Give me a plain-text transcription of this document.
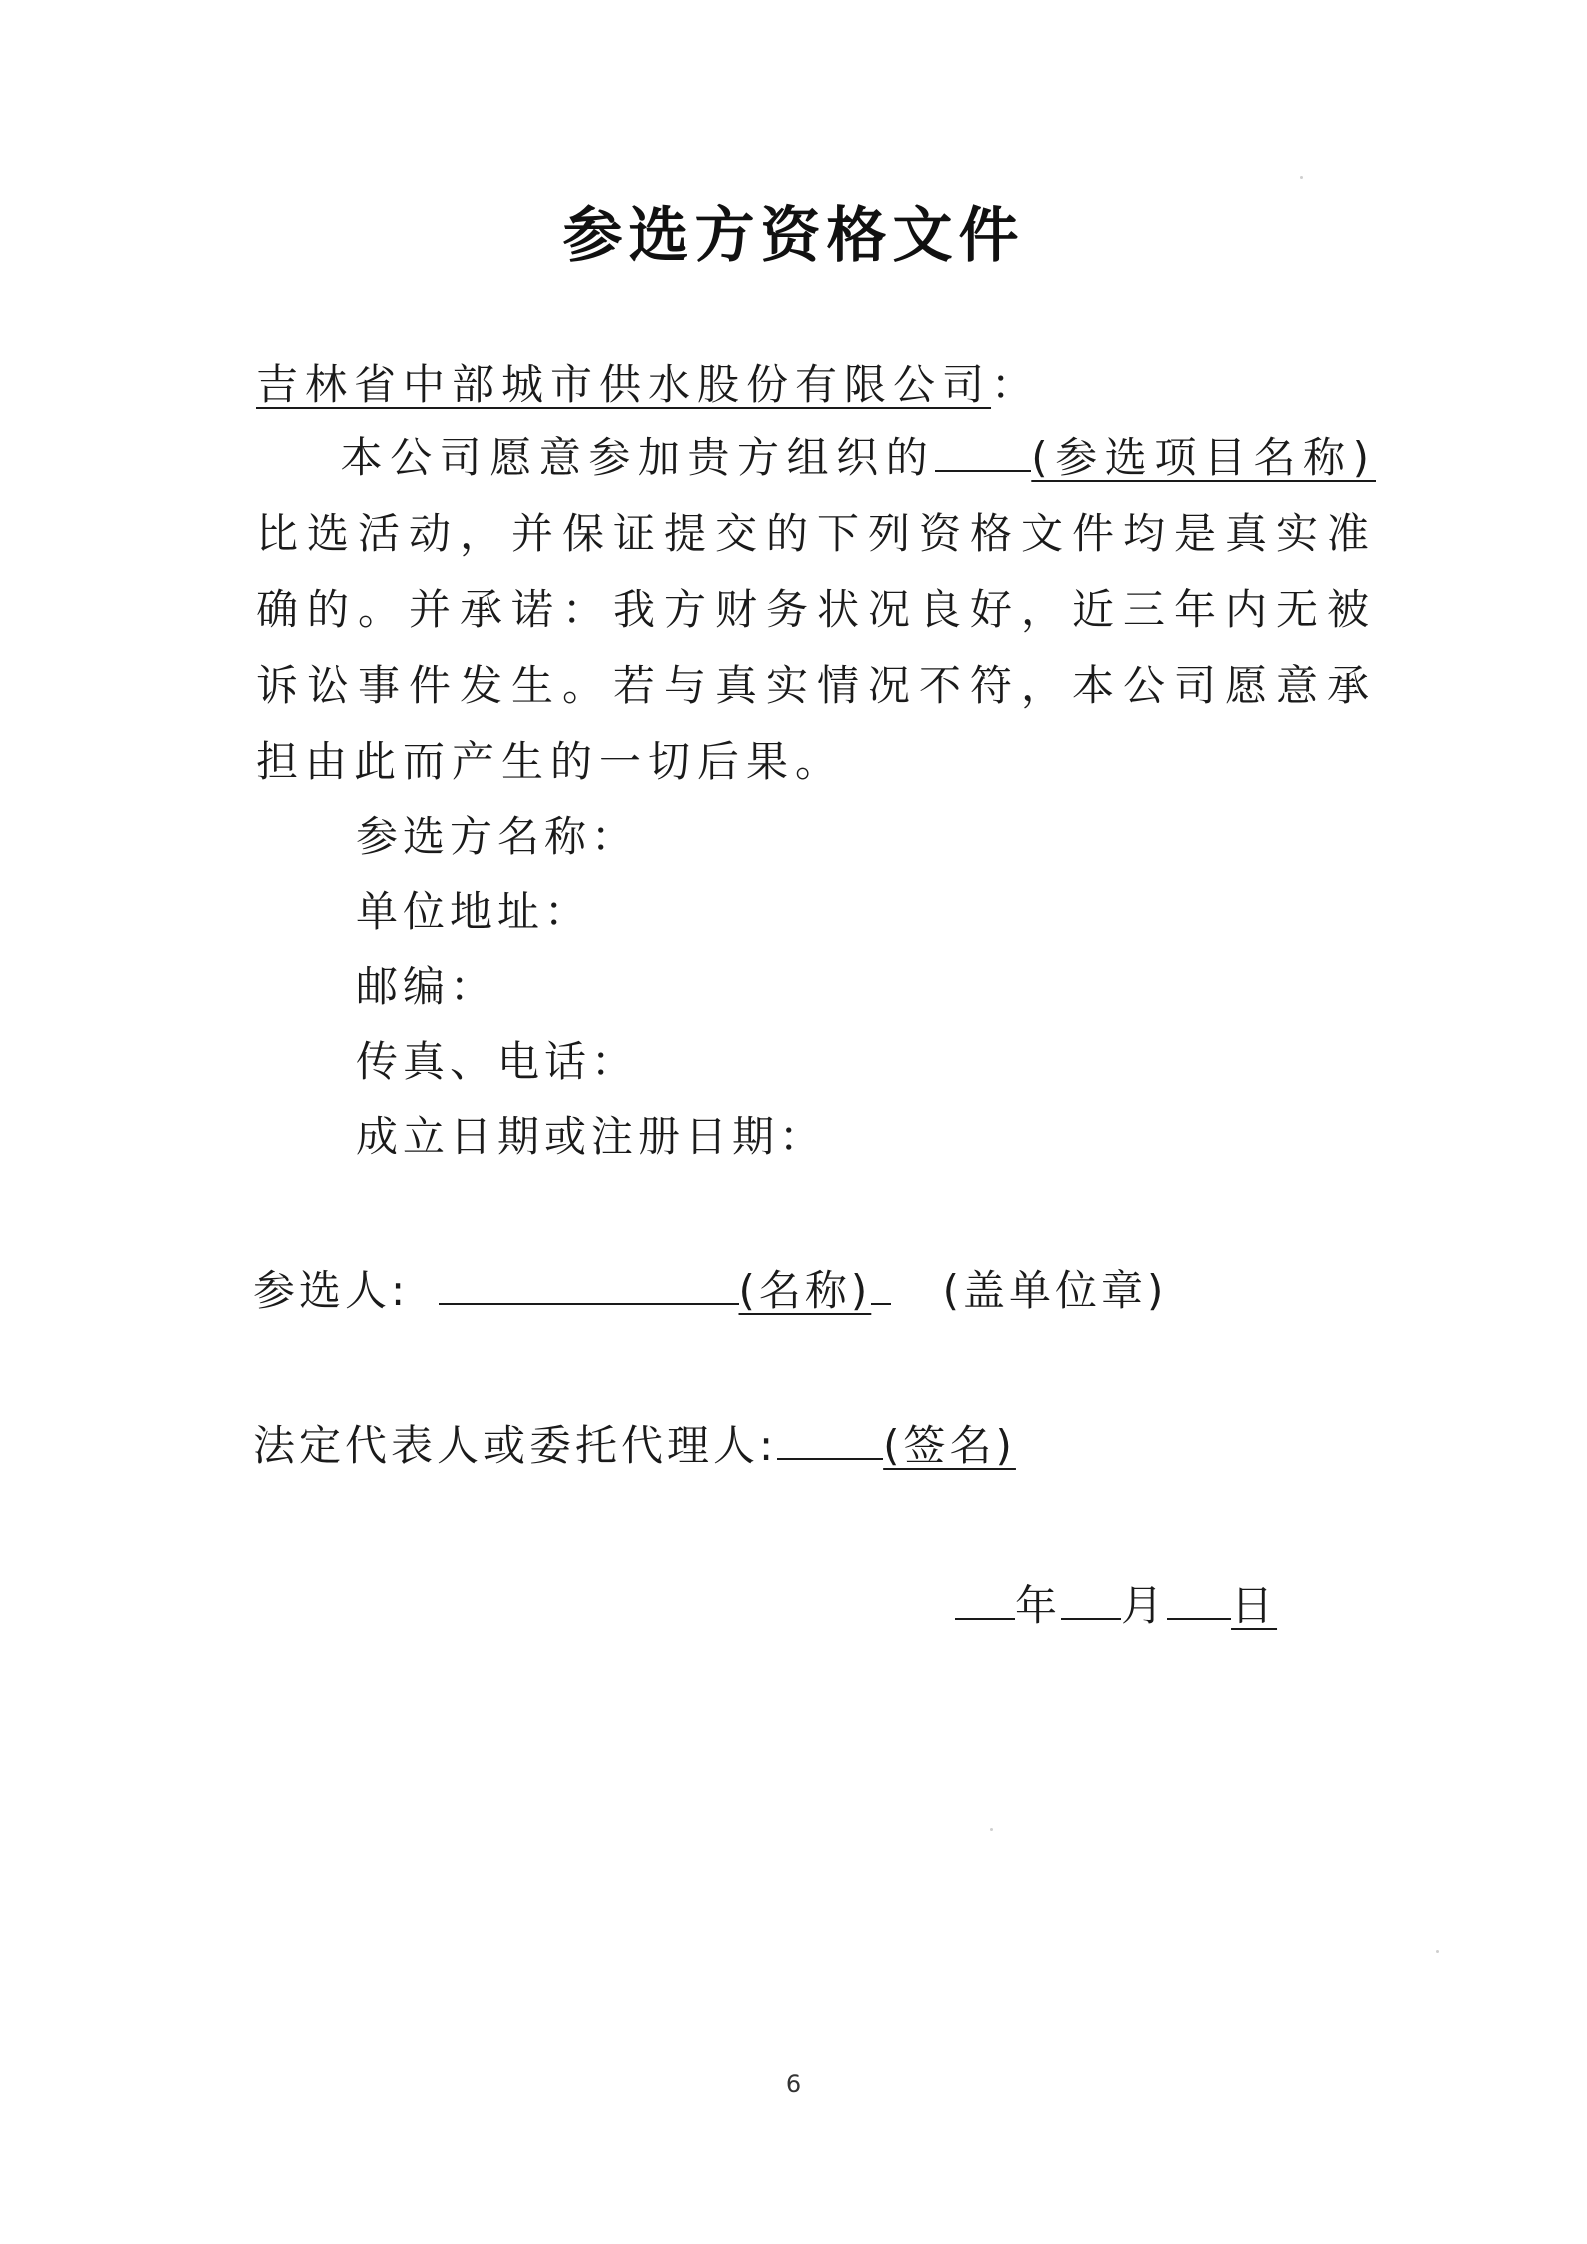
参选方资格文件
吉林省中部城市供水股份有限公司：
本公司愿意参加贵方组织的 (参选项目名称)比选活动，并保证提交的下列资格文件均是真实准确的。并承诺：我方财务状况良好，近三年内无被诉讼事件发生。若与真实情况不符，本公司愿意承担由此而产生的一切后果。
参选方名称：
单位地址：
邮编：
传真、电话：
成立日期或注册日期：
参选人:	(名称) (盖单位章)
法定代表人或委托代理人:	(签名)
年 月 日
6
